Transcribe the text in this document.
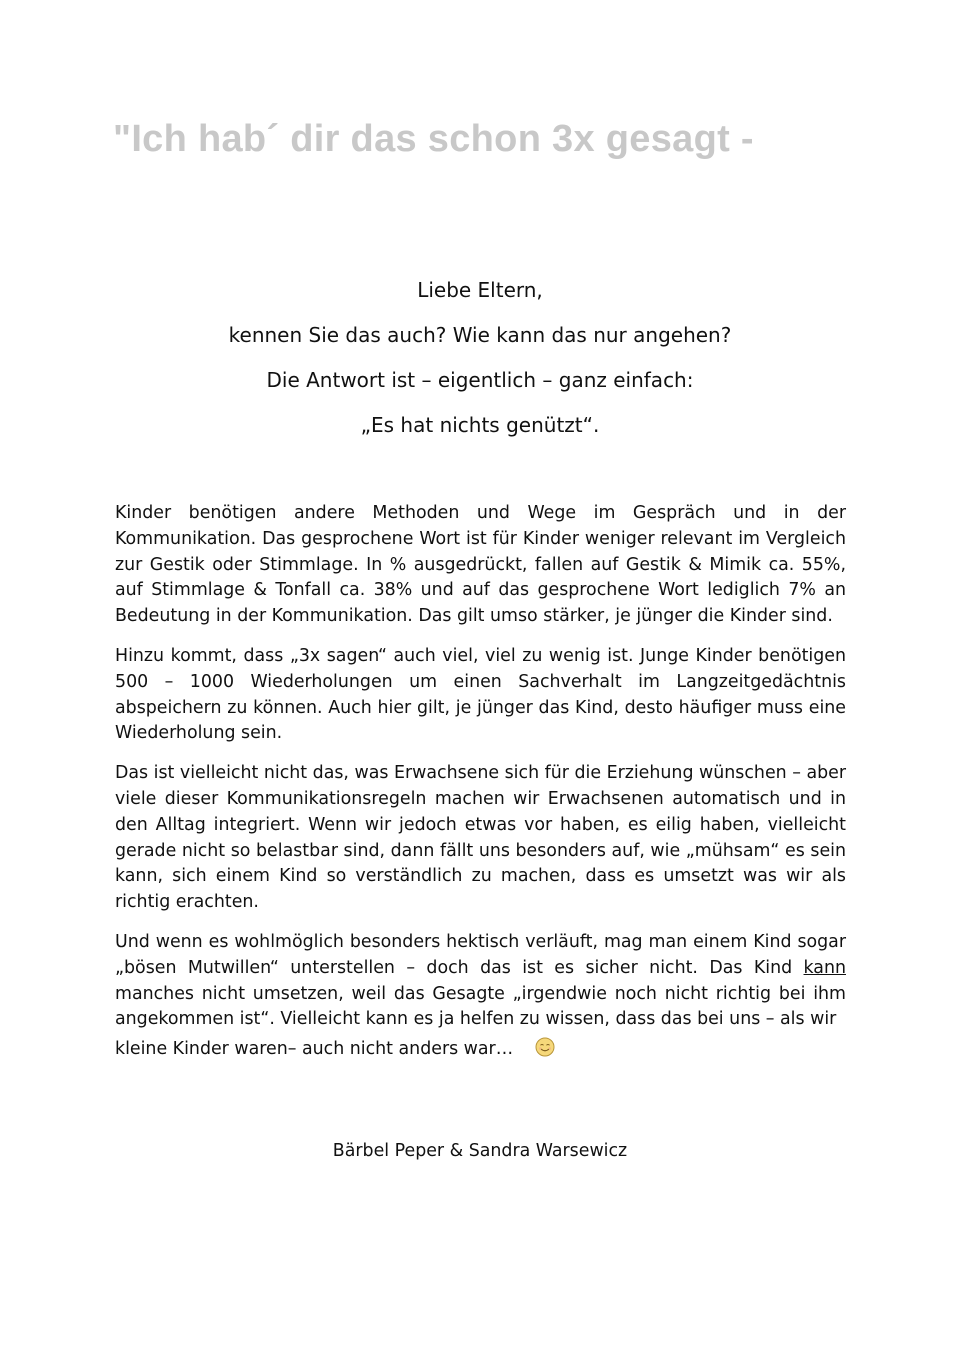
"Ich hab´ dir das schon 3x gesagt -

Liebe Eltern,

kennen Sie das auch? Wie kann das nur angehen?

Die Antwort ist – eigentlich – ganz einfach:

„Es hat nichts genützt“.

Kinder benötigen andere Methoden und Wege im Gespräch und in der Kommunikation. Das gesprochene Wort ist für Kinder weniger relevant im Vergleich zur Gestik oder Stimmlage. In % ausgedrückt, fallen auf Gestik & Mimik ca. 55%, auf Stimmlage & Tonfall ca. 38% und auf das gesprochene Wort lediglich 7% an Bedeutung in der Kommunikation. Das gilt umso stärker, je jünger die Kinder sind.

Hinzu kommt, dass „3x sagen“ auch viel, viel zu wenig ist. Junge Kinder benötigen 500 – 1000 Wiederholungen um einen Sachverhalt im Langzeitgedächtnis abspeichern zu können. Auch hier gilt, je jünger das Kind, desto häufiger muss eine Wiederholung sein.

Das ist vielleicht nicht das, was Erwachsene sich für die Erziehung wünschen – aber viele dieser Kommunikationsregeln machen wir Erwachsenen automatisch und in den Alltag integriert. Wenn wir jedoch etwas vor haben, es eilig haben, vielleicht gerade nicht so belastbar sind, dann fällt uns besonders auf, wie „mühsam“ es sein kann, sich einem Kind so verständlich zu machen, dass es umsetzt was wir als richtig erachten.

Und wenn es wohlmöglich besonders hektisch verläuft, mag man einem Kind sogar „bösen Mutwillen“ unterstellen – doch das ist es sicher nicht. Das Kind kann manches nicht umsetzen, weil das Gesagte „irgendwie noch nicht richtig bei ihm angekommen ist“. Vielleicht kann es ja helfen zu wissen, dass das bei uns – als wir

kleine Kinder waren– auch nicht anders war…

Bärbel Peper & Sandra Warsewicz
